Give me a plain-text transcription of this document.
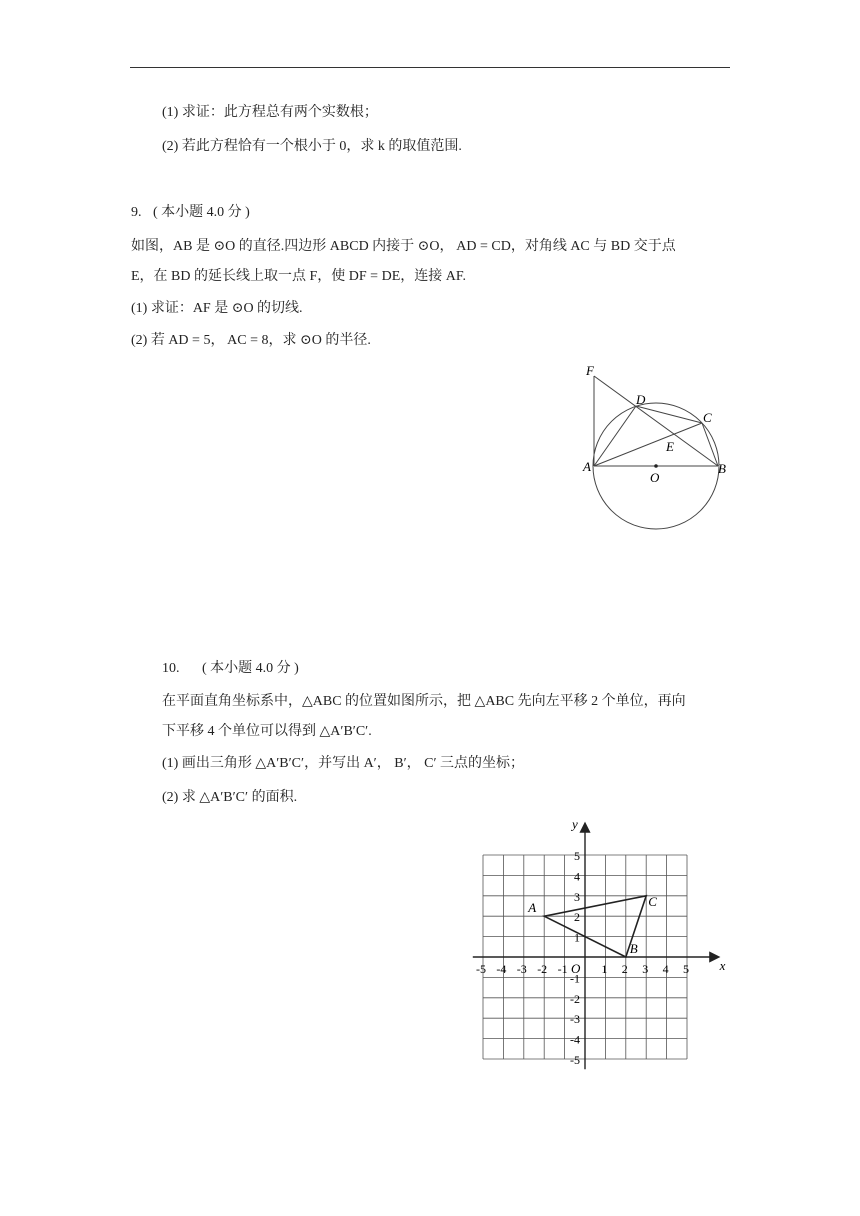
(1) 求证：此方程总有两个实数根；
(2) 若此方程恰有一个根小于 0，求 k 的取值范围.
9. ( 本小题 4.0 分 )
如图，AB 是 ⊙O 的直径.四边形 ABCD 内接于 ⊙O， AD = CD，对角线 AC 与 BD 交于点
E，在 BD 的延长线上取一点 F，使 DF = DE，连接 AF.
(1) 求证：AF 是 ⊙O 的切线.
(2) 若 AD = 5， AC = 8，求 ⊙O 的半径.
F
D
C
E
A
O
B
10. ( 本小题 4.0 分 )
在平面直角坐标系中，△ABC 的位置如图所示，把 △ABC 先向左平移 2 个单位，再向
下平移 4 个单位可以得到 △A′B′C′.
(1) 画出三角形 △A′B′C′，并写出 A′， B′， C′ 三点的坐标；
(2) 求 △A′B′C′ 的面积.
x
y
O
-5 -4 -3 -2 -1	1 2 3 4 5
5
4
3
2
1
-1
-2
-3
-4
-5
A
B
C
